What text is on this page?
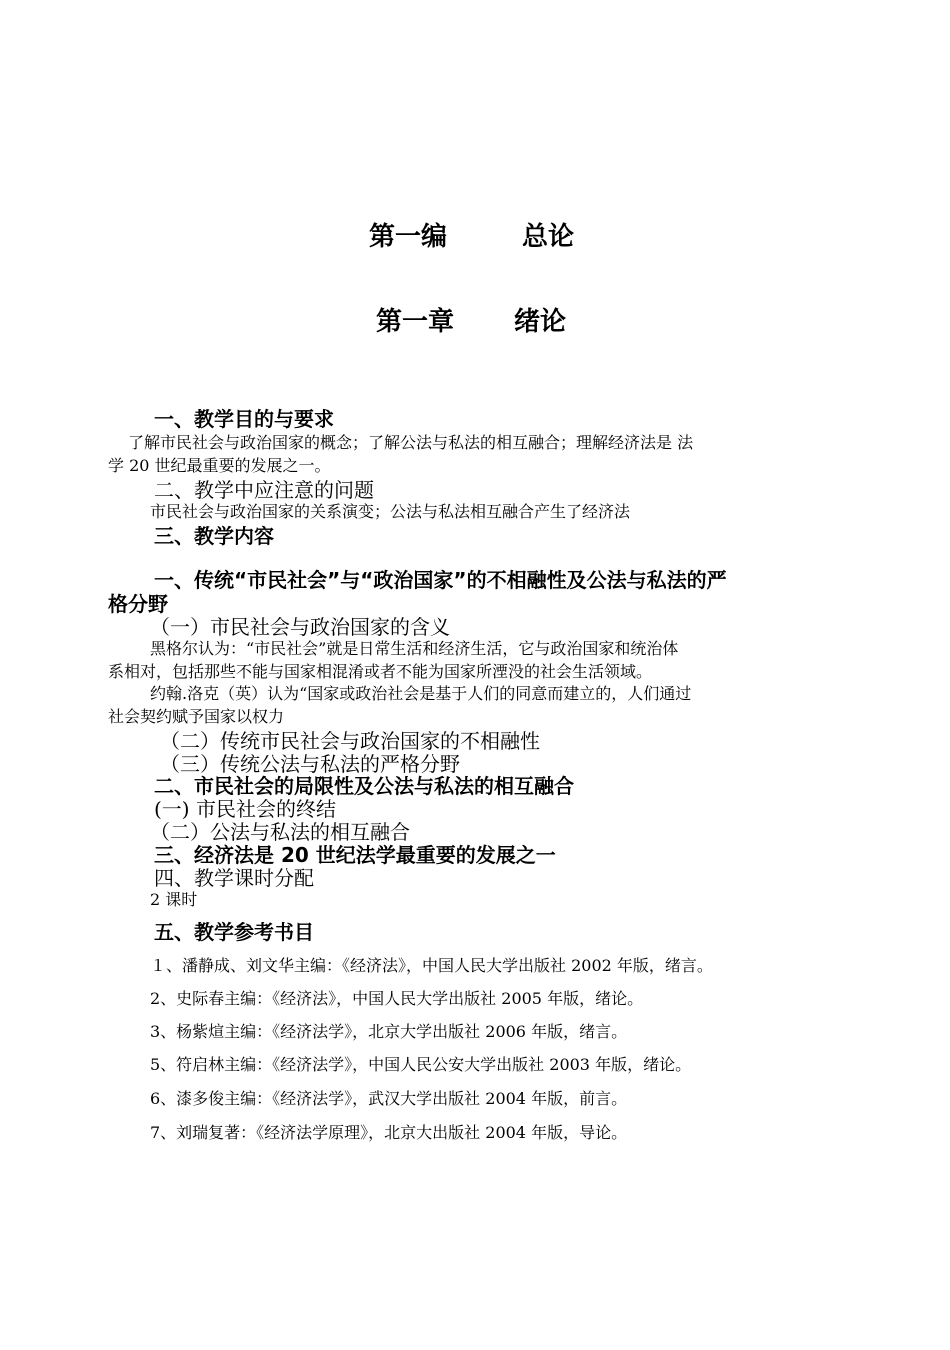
第一编	总论
第一章 绪论
一、教学目的与要求
了解市民社会与政治国家的概念；了解公法与私法的相互融合；理解经济法是 法
学 20 世纪最重要的发展之一。
二、教学中应注意的问题
市民社会与政治国家的关系演变；公法与私法相互融合产生了经济法
三、教学内容
一、传统“市民社会”与“政治国家”的不相融性及公法与私法的严
格分野
（一）市民社会与政治国家的含义
黑格尔认为：“市民社会”就是日常生活和经济生活，它与政治国家和统治体
系相对，包括那些不能与国家相混淆或者不能为国家所湮没的社会生活领域。
约翰.洛克（英）认为“国家或政治社会是基于人们的同意而建立的，人们通过
社会契约赋予国家以权力
（二）传统市民社会与政治国家的不相融性
（三）传统公法与私法的严格分野
二、市民社会的局限性及公法与私法的相互融合
(一) 市民社会的终结
（二）公法与私法的相互融合
三、经济法是 20 世纪法学最重要的发展之一
四、教学课时分配
2 课时
五、教学参考书目
１、潘静成、刘文华主编：《经济法》，中国人民大学出版社 2002 年版，绪言。
2、史际春主编：《经济法》，中国人民大学出版社 2005 年版，绪论。
3、杨紫煊主编：《经济法学》，北京大学出版社 2006 年版，绪言。
5、符启林主编：《经济法学》，中国人民公安大学出版社 2003 年版，绪论。
6、漆多俊主编：《经济法学》，武汉大学出版社 2004 年版，前言。
7、刘瑞复著：《经济法学原理》，北京大出版社 2004 年版，导论。
